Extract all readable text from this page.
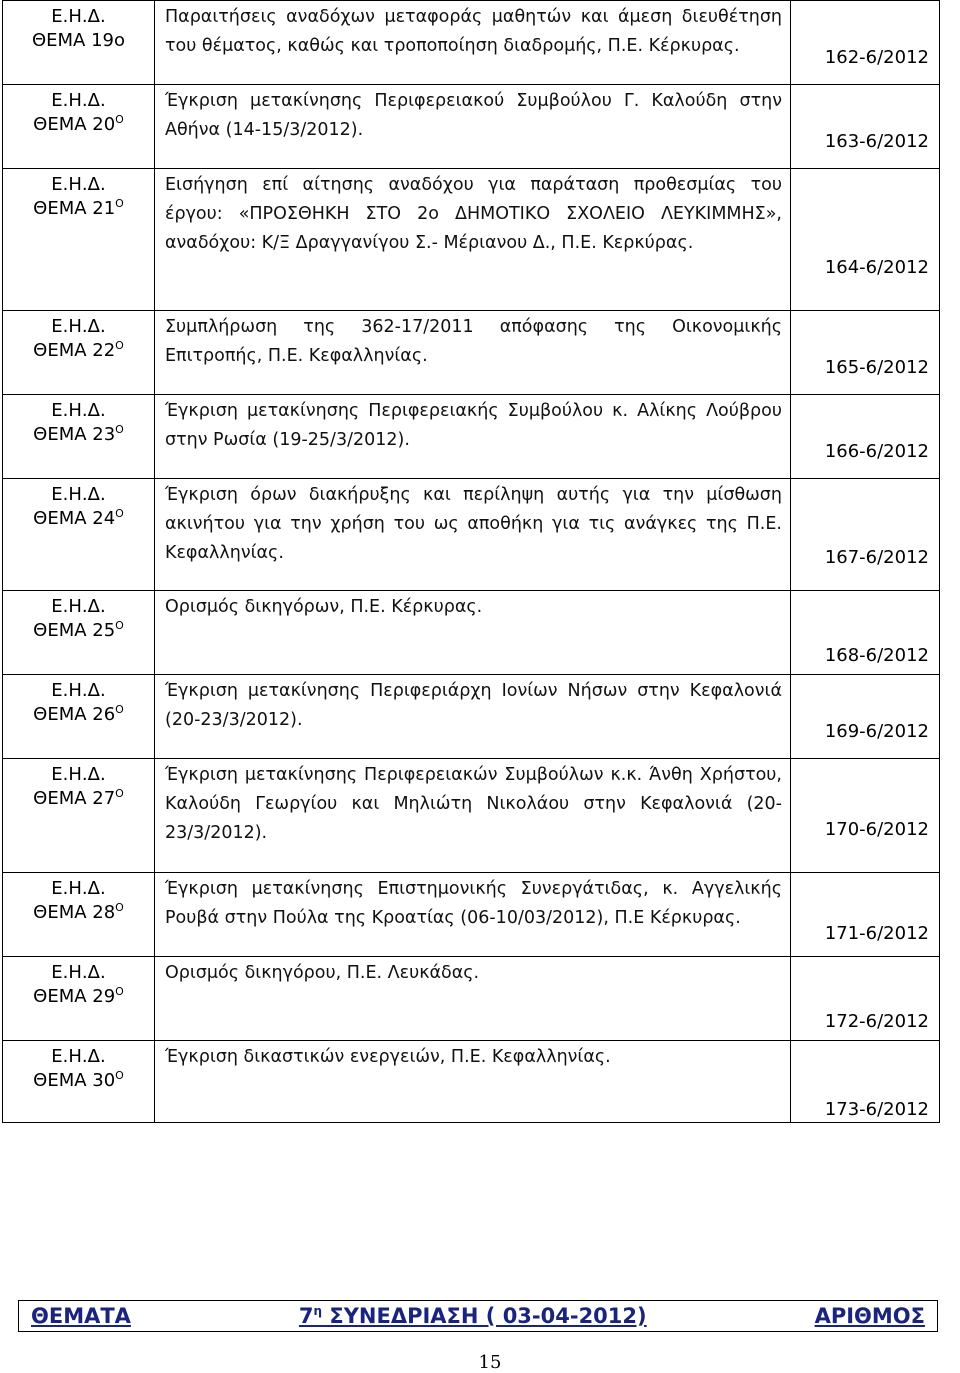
Ε.Η.Δ.
ΘΕΜΑ 19ο	Παραιτήσεις αναδόχων μεταφοράς μαθητών και άμεση διευθέτηση του θέματος, καθώς και τροποποίηση διαδρομής, Π.Ε. Κέρκυρας.	162-6/2012

Ε.Η.Δ.
ΘΕΜΑ $20^O$	Έγκριση μετακίνησης Περιφερειακού Συμβούλου Γ. Καλούδη στην Αθήνα (14-15/3/2012).	163-6/2012

Ε.Η.Δ.
ΘΕΜΑ $21^O$	Εισήγηση επί αίτησης αναδόχου για παράταση προθεσμίας του έργου: «ΠΡΟΣΘΗΚΗ ΣΤΟ 2ο ΔΗΜΟΤΙΚΟ ΣΧΟΛΕΙΟ ΛΕΥΚΙΜΜΗΣ», αναδόχου: Κ/Ξ Δραγγανίγου Σ.- Μέριανου Δ., Π.Ε. Κερκύρας.	164-6/2012

Ε.Η.Δ.
ΘΕΜΑ $22^O$	Συμπλήρωση της 362-17/2011 απόφασης της Οικονομικής Επιτροπής, Π.Ε. Κεφαλληνίας.	165-6/2012

Ε.Η.Δ.
ΘΕΜΑ $23^O$	Έγκριση μετακίνησης Περιφερειακής Συμβούλου κ. Αλίκης Λούβρου στην Ρωσία (19-25/3/2012).	166-6/2012

Ε.Η.Δ.
ΘΕΜΑ $24^O$	Έγκριση όρων διακήρυξης και περίληψη αυτής για την μίσθωση ακινήτου για την χρήση του ως αποθήκη για τις ανάγκες της Π.Ε. Κεφαλληνίας.	167-6/2012

Ε.Η.Δ.
ΘΕΜΑ $25^O$	Ορισμός δικηγόρων, Π.Ε. Κέρκυρας.	168-6/2012

Ε.Η.Δ.
ΘΕΜΑ $26^O$	Έγκριση μετακίνησης Περιφεριάρχη Ιονίων Νήσων στην Κεφαλονιά (20-23/3/2012).	169-6/2012

Ε.Η.Δ.
ΘΕΜΑ $27^O$	Έγκριση μετακίνησης Περιφερειακών Συμβούλων κ.κ. Άνθη Χρήστου, Καλούδη Γεωργίου και Μηλιώτη Νικολάου στην Κεφαλονιά (20-23/3/2012).	170-6/2012

Ε.Η.Δ.
ΘΕΜΑ $28^O$	Έγκριση μετακίνησης Επιστημονικής Συνεργάτιδας, κ. Αγγελικής Ρουβά στην Πούλα της Κροατίας (06-10/03/2012), Π.Ε Κέρκυρας.	171-6/2012

Ε.Η.Δ.
ΘΕΜΑ $29^O$	Ορισμός δικηγόρου, Π.Ε. Λευκάδας.	172-6/2012

Ε.Η.Δ.
ΘΕΜΑ $30^O$	Έγκριση δικαστικών ενεργειών, Π.Ε. Κεφαλληνίας.	173-6/2012
ΘΕΜΑΤΑ	$7^\eta$ ΣΥΝΕΔΡΙΑΣΗ ( 03-04-2012)	ΑΡΙΘΜΟΣ
15
